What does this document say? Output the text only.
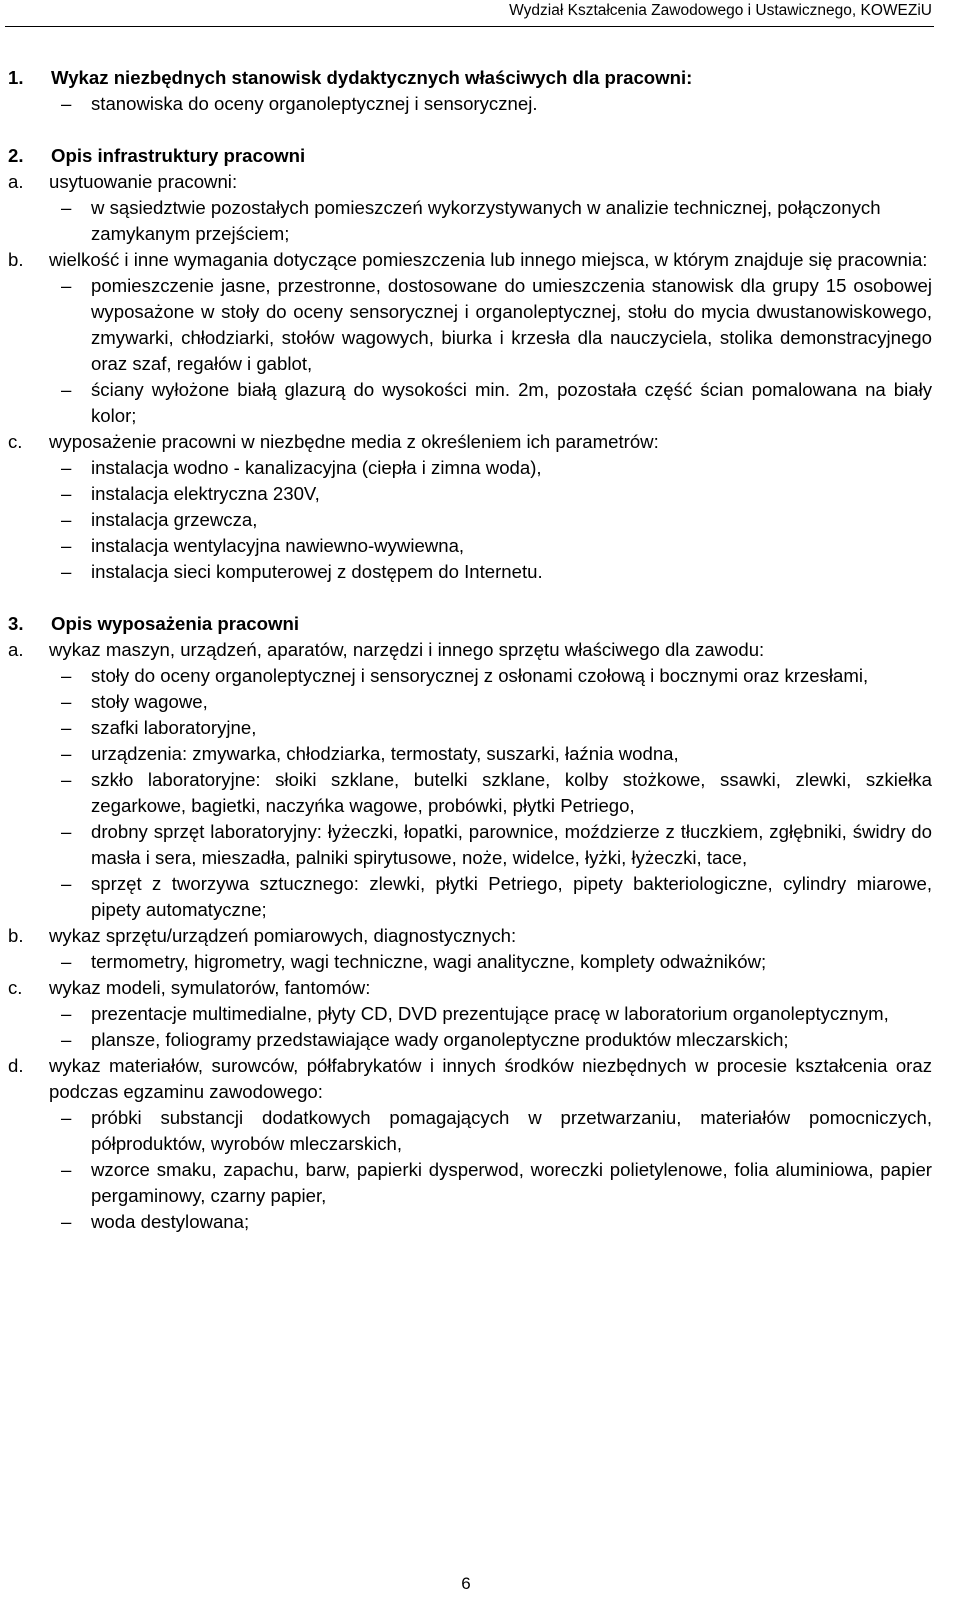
Wydział Kształcenia Zawodowego i Ustawicznego, KOWEZiU
1.	Wykaz niezbędnych stanowisk dydaktycznych właściwych dla pracowni:
–	stanowiska do oceny organoleptycznej i sensorycznej.
2.	Opis infrastruktury pracowni
a.	usytuowanie pracowni:
–	w sąsiedztwie pozostałych pomieszczeń wykorzystywanych w analizie technicznej, połączonych zamykanym przejściem;
b.	wielkość i inne wymagania dotyczące pomieszczenia lub innego miejsca, w którym znajduje się pracownia:
–	pomieszczenie jasne, przestronne, dostosowane do umieszczenia stanowisk dla grupy 15 osobowej wyposażone w stoły do oceny sensorycznej i organoleptycznej, stołu do mycia dwustanowiskowego, zmywarki, chłodziarki, stołów wagowych, biurka i krzesła dla nauczyciela, stolika demonstracyjnego oraz szaf, regałów i gablot,
–	ściany wyłożone białą glazurą do wysokości min. 2m, pozostała część ścian pomalowana na biały kolor;
c.	wyposażenie pracowni w niezbędne media z określeniem ich parametrów:
–	instalacja wodno - kanalizacyjna (ciepła i zimna woda),
–	instalacja elektryczna 230V,
–	instalacja grzewcza,
–	instalacja wentylacyjna nawiewno-wywiewna,
–	instalacja sieci komputerowej z dostępem do Internetu.
3.	Opis wyposażenia pracowni
a.	wykaz maszyn, urządzeń, aparatów, narzędzi i innego sprzętu właściwego dla zawodu:
–	stoły do oceny organoleptycznej i sensorycznej z osłonami czołową i bocznymi oraz krzesłami,
–	stoły wagowe,
–	szafki laboratoryjne,
–	urządzenia: zmywarka, chłodziarka, termostaty, suszarki, łaźnia wodna,
–	szkło laboratoryjne: słoiki szklane, butelki szklane, kolby stożkowe, ssawki, zlewki, szkiełka zegarkowe, bagietki, naczyńka wagowe, probówki, płytki Petriego,
–	drobny sprzęt laboratoryjny: łyżeczki, łopatki, parownice, moździerze z tłuczkiem, zgłębniki, świdry do masła i sera, mieszadła, palniki spirytusowe, noże, widelce, łyżki, łyżeczki, tace,
–	sprzęt z tworzywa sztucznego: zlewki, płytki Petriego, pipety bakteriologiczne, cylindry miarowe, pipety automatyczne;
b.	wykaz sprzętu/urządzeń pomiarowych, diagnostycznych:
–	termometry, higrometry, wagi techniczne, wagi analityczne, komplety odważników;
c.	wykaz modeli, symulatorów, fantomów:
–	prezentacje multimedialne, płyty CD, DVD prezentujące pracę w laboratorium organoleptycznym,
–	plansze, foliogramy przedstawiające wady organoleptyczne produktów mleczarskich;
d.	wykaz materiałów, surowców, półfabrykatów i innych środków niezbędnych w procesie kształcenia oraz podczas egzaminu zawodowego:
–	próbki substancji dodatkowych pomagających w przetwarzaniu, materiałów pomocniczych, półproduktów, wyrobów mleczarskich,
–	wzorce smaku, zapachu, barw, papierki dysperwod, woreczki polietylenowe, folia aluminiowa, papier pergaminowy, czarny papier,
–	woda destylowana;
6
